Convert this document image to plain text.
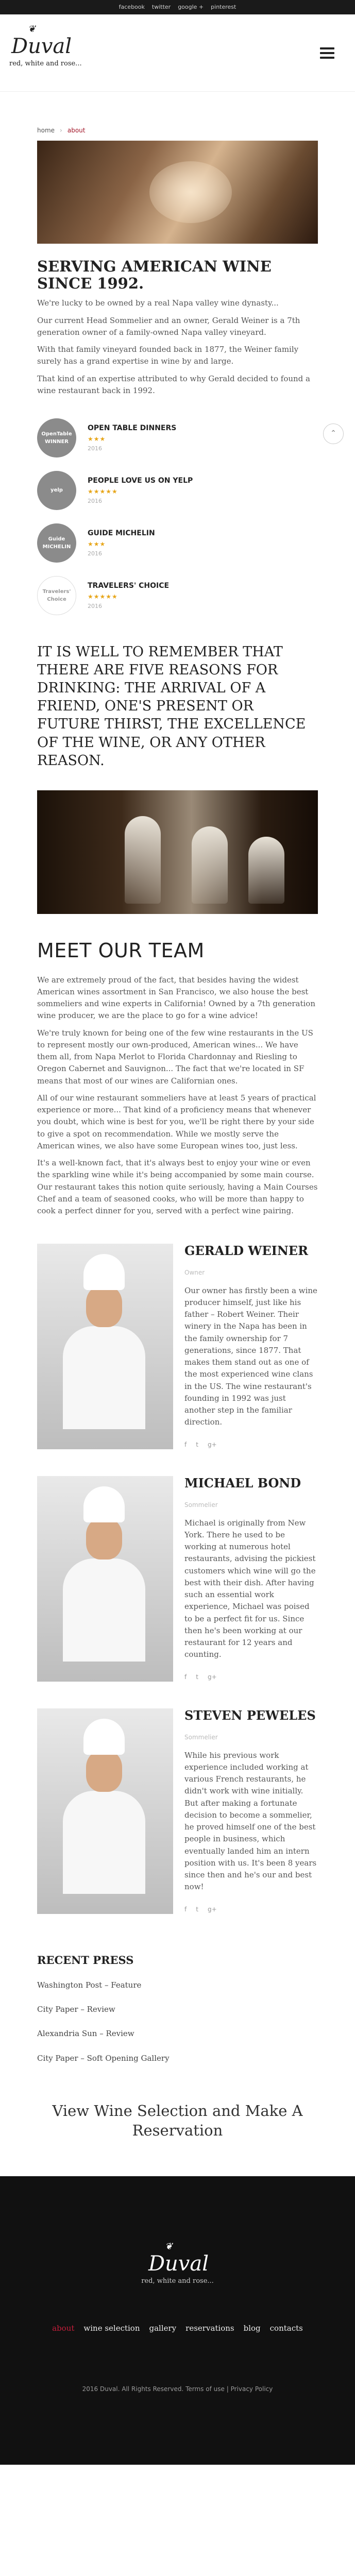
facebook twitter google + pinterest
❦
Duval
red, white and rose...
home › about
SERVING AMERICAN WINE SINCE 1992.

We're lucky to be owned by a real Napa valley wine dynasty...

Our current Head Sommelier and an owner, Gerald Weiner is a 7th generation owner of a family-owned Napa valley vineyard.

With that family vineyard founded back in 1877, the Weiner family surely has a grand expertise in wine by and large.

That kind of an expertise attributed to why Gerald decided to found a wine restaurant back in 1992.

OpenTable WINNER
OPEN TABLE DINNERS
★★★
2016
⌃
yelp
PEOPLE LOVE US ON YELP
★★★★★
2016
Guide MICHELIN
GUIDE MICHELIN
★★★
2016
Travelers' Choice
TRAVELERS' CHOICE
★★★★★
2016
IT IS WELL TO REMEMBER THAT THERE ARE FIVE REASONS FOR DRINKING: THE ARRIVAL OF A FRIEND, ONE'S PRESENT OR FUTURE THIRST, THE EXCELLENCE OF THE WINE, OR ANY OTHER REASON.
MEET OUR TEAM

We are extremely proud of the fact, that besides having the widest American wines assortment in San Francisco, we also house the best sommeliers and wine experts in California! Owned by a 7th generation wine producer, we are the place to go for a wine advice!

We're truly known for being one of the few wine restaurants in the US to represent mostly our own-produced, American wines... We have them all, from Napa Merlot to Florida Chardonnay and Riesling to Oregon Cabernet and Sauvignon... The fact that we're located in SF means that most of our wines are Californian ones.

All of our wine restaurant sommeliers have at least 5 years of practical experience or more... That kind of a proficiency means that whenever you doubt, which wine is best for you, we'll be right there by your side to give a spot on recommendation. While we mostly serve the American wines, we also have some European wines too, just less.

It's a well-known fact, that it's always best to enjoy your wine or even the sparkling wine while it's being accompanied by some main course. Our restaurant takes this notion quite seriously, having a Main Courses Chef and a team of seasoned cooks, who will be more than happy to cook a perfect dinner for you, served with a perfect wine pairing.

GERALD WEINER
Owner
Our owner has firstly been a wine producer himself, just like his father – Robert Weiner. Their winery in the Napa has been in the family ownership for 7 generations, since 1877. That makes them stand out as one of the most experienced wine clans in the US. The wine restaurant's founding in 1992 was just another step in the familiar direction.
f t g+
MICHAEL BOND
Sommelier
Michael is originally from New York. There he used to be working at numerous hotel restaurants, advising the pickiest customers which wine will go the best with their dish. After having such an essential work experience, Michael was poised to be a perfect fit for us. Since then he's been working at our restaurant for 12 years and counting.
f t g+
STEVEN PEWELES
Sommelier
While his previous work experience included working at various French restaurants, he didn't work with wine initially. But after making a fortunate decision to become a sommelier, he proved himself one of the best people in business, which eventually landed him an intern position with us. It's been 8 years since then and he's our and best now!
f t g+
RECENT PRESS
Washington Post – Feature
City Paper – Review
Alexandria Sun – Review
City Paper – Soft Opening Gallery
View Wine Selection and Make A Reservation
❦
Duval
red, white and rose...
about wine selection gallery reservations blog contacts
2016 Duval. All Rights Reserved. Terms of use | Privacy Policy
